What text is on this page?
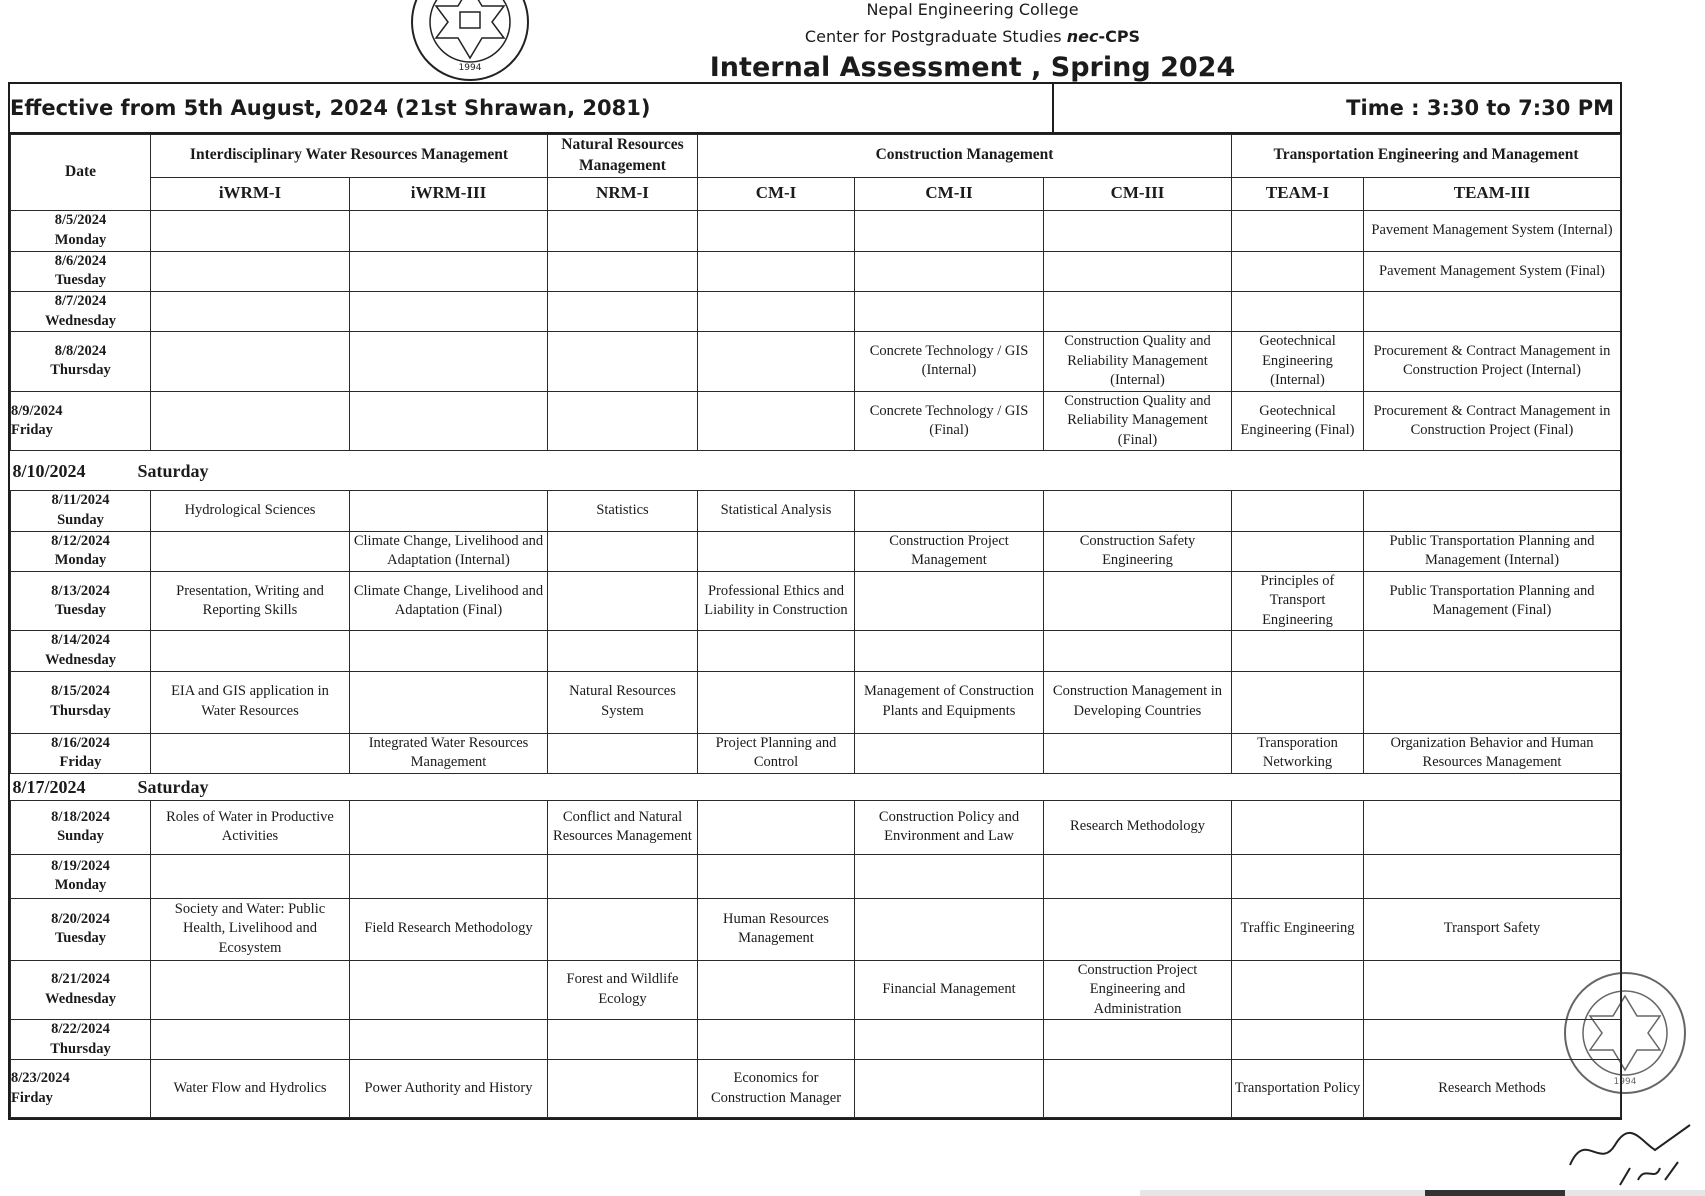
Nepal Engineering College
Center for Postgraduate Studies nec-CPS
Internal Assessment , Spring 2024
1994
1994
Effective from 5th August, 2024 (21st Shrawan, 2081)	Time : 3:30 to 7:30 PM
Date	Interdisciplinary Water Resources Management		Natural Resources Management	Construction Management			Transportation Engineering and Management	
	iWRM-I	iWRM-III	NRM-I	CM-I	CM-II	CM-III	TEAM-I	TEAM-III

8/5/2024
Monday								Pavement Management System (Internal)

8/6/2024
Tuesday								Pavement Management System (Final)

8/7/2024
Wednesday								

8/8/2024
Thursday					Concrete Technology / GIS (Internal)	Construction Quality and Reliability Management (Internal)	Geotechnical Engineering (Internal)	Procurement & Contract Management in Construction Project (Internal)
8/9/2024Friday					Concrete Technology / GIS (Final)	Construction Quality and Reliability Management (Final)	Geotechnical Engineering (Final)	Procurement & Contract Management in Construction Project (Final)
8/10/2024 Saturday								

8/11/2024
Sunday	Hydrological Sciences		Statistics	Statistical Analysis				

8/12/2024
Monday		Climate Change, Livelihood and Adaptation (Internal)			Construction Project Management	Construction Safety Engineering		Public Transportation Planning and Management (Internal)

8/13/2024
Tuesday	Presentation, Writing and Reporting Skills	Climate Change, Livelihood and Adaptation (Final)		Professional Ethics and Liability in Construction			Principles of Transport Engineering	Public Transportation Planning and Management (Final)

8/14/2024
Wednesday								

8/15/2024
Thursday	EIA and GIS application in Water Resources		Natural Resources System		Management of Construction Plants and Equipments	Construction Management in Developing Countries		

8/16/2024
Friday		Integrated Water Resources Management		Project Planning and Control			Transporation Networking	Organization Behavior and Human Resources Management
8/17/2024 Saturday								

8/18/2024
Sunday	Roles of Water in Productive Activities		Conflict and Natural Resources Management		Construction Policy and Environment and Law	Research Methodology		

8/19/2024
Monday								

8/20/2024
Tuesday	Society and Water: Public Health, Livelihood and Ecosystem	Field Research Methodology		Human Resources Management			Traffic Engineering	Transport Safety

8/21/2024
Wednesday			Forest and Wildlife Ecology		Financial Management	Construction Project Engineering and Administration		

8/22/2024
Thursday								

8/23/2024Firday	Water Flow and Hydrolics	Power Authority and History		Economics for Construction Manager			Transportation Policy	Research Methods
